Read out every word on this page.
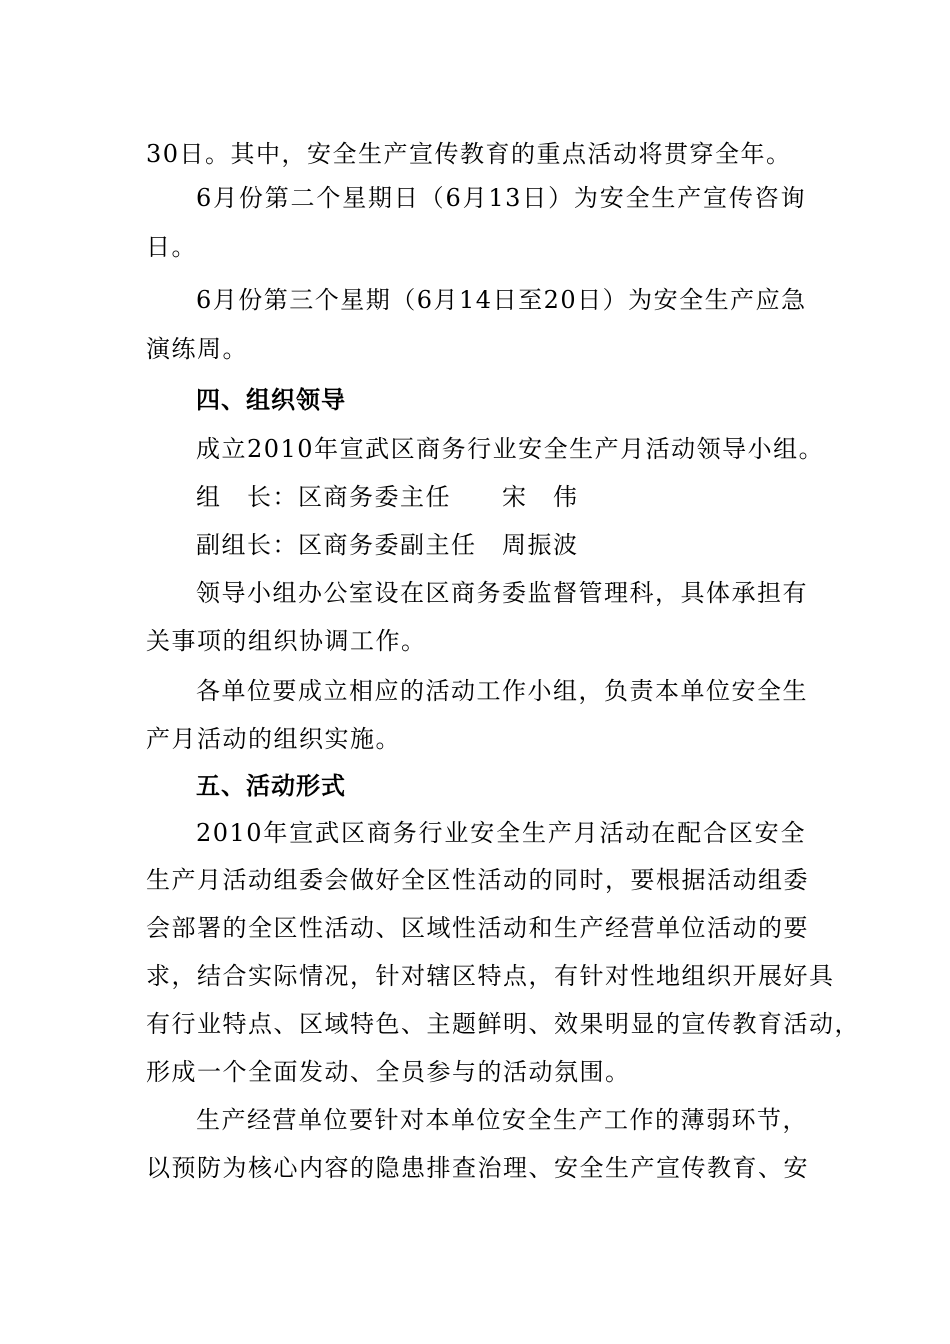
30日。其中，安全生产宣传教育的重点活动将贯穿全年。
6月份第二个星期日（6月13日）为安全生产宣传咨询
日。
6月份第三个星期（6月14日至20日）为安全生产应急
演练周。
四、组织领导
成立2010年宣武区商务行业安全生产月活动领导小组。
组　长：区商务委主任　　宋　伟
副组长：区商务委副主任　周振波
领导小组办公室设在区商务委监督管理科，具体承担有
关事项的组织协调工作。
各单位要成立相应的活动工作小组，负责本单位安全生
产月活动的组织实施。
五、活动形式
2010年宣武区商务行业安全生产月活动在配合区安全
生产月活动组委会做好全区性活动的同时，要根据活动组委
会部署的全区性活动、区域性活动和生产经营单位活动的要
求，结合实际情况，针对辖区特点，有针对性地组织开展好具
有行业特点、区域特色、主题鲜明、效果明显的宣传教育活动，
形成一个全面发动、全员参与的活动氛围。
生产经营单位要针对本单位安全生产工作的薄弱环节，
以预防为核心内容的隐患排查治理、安全生产宣传教育、安
